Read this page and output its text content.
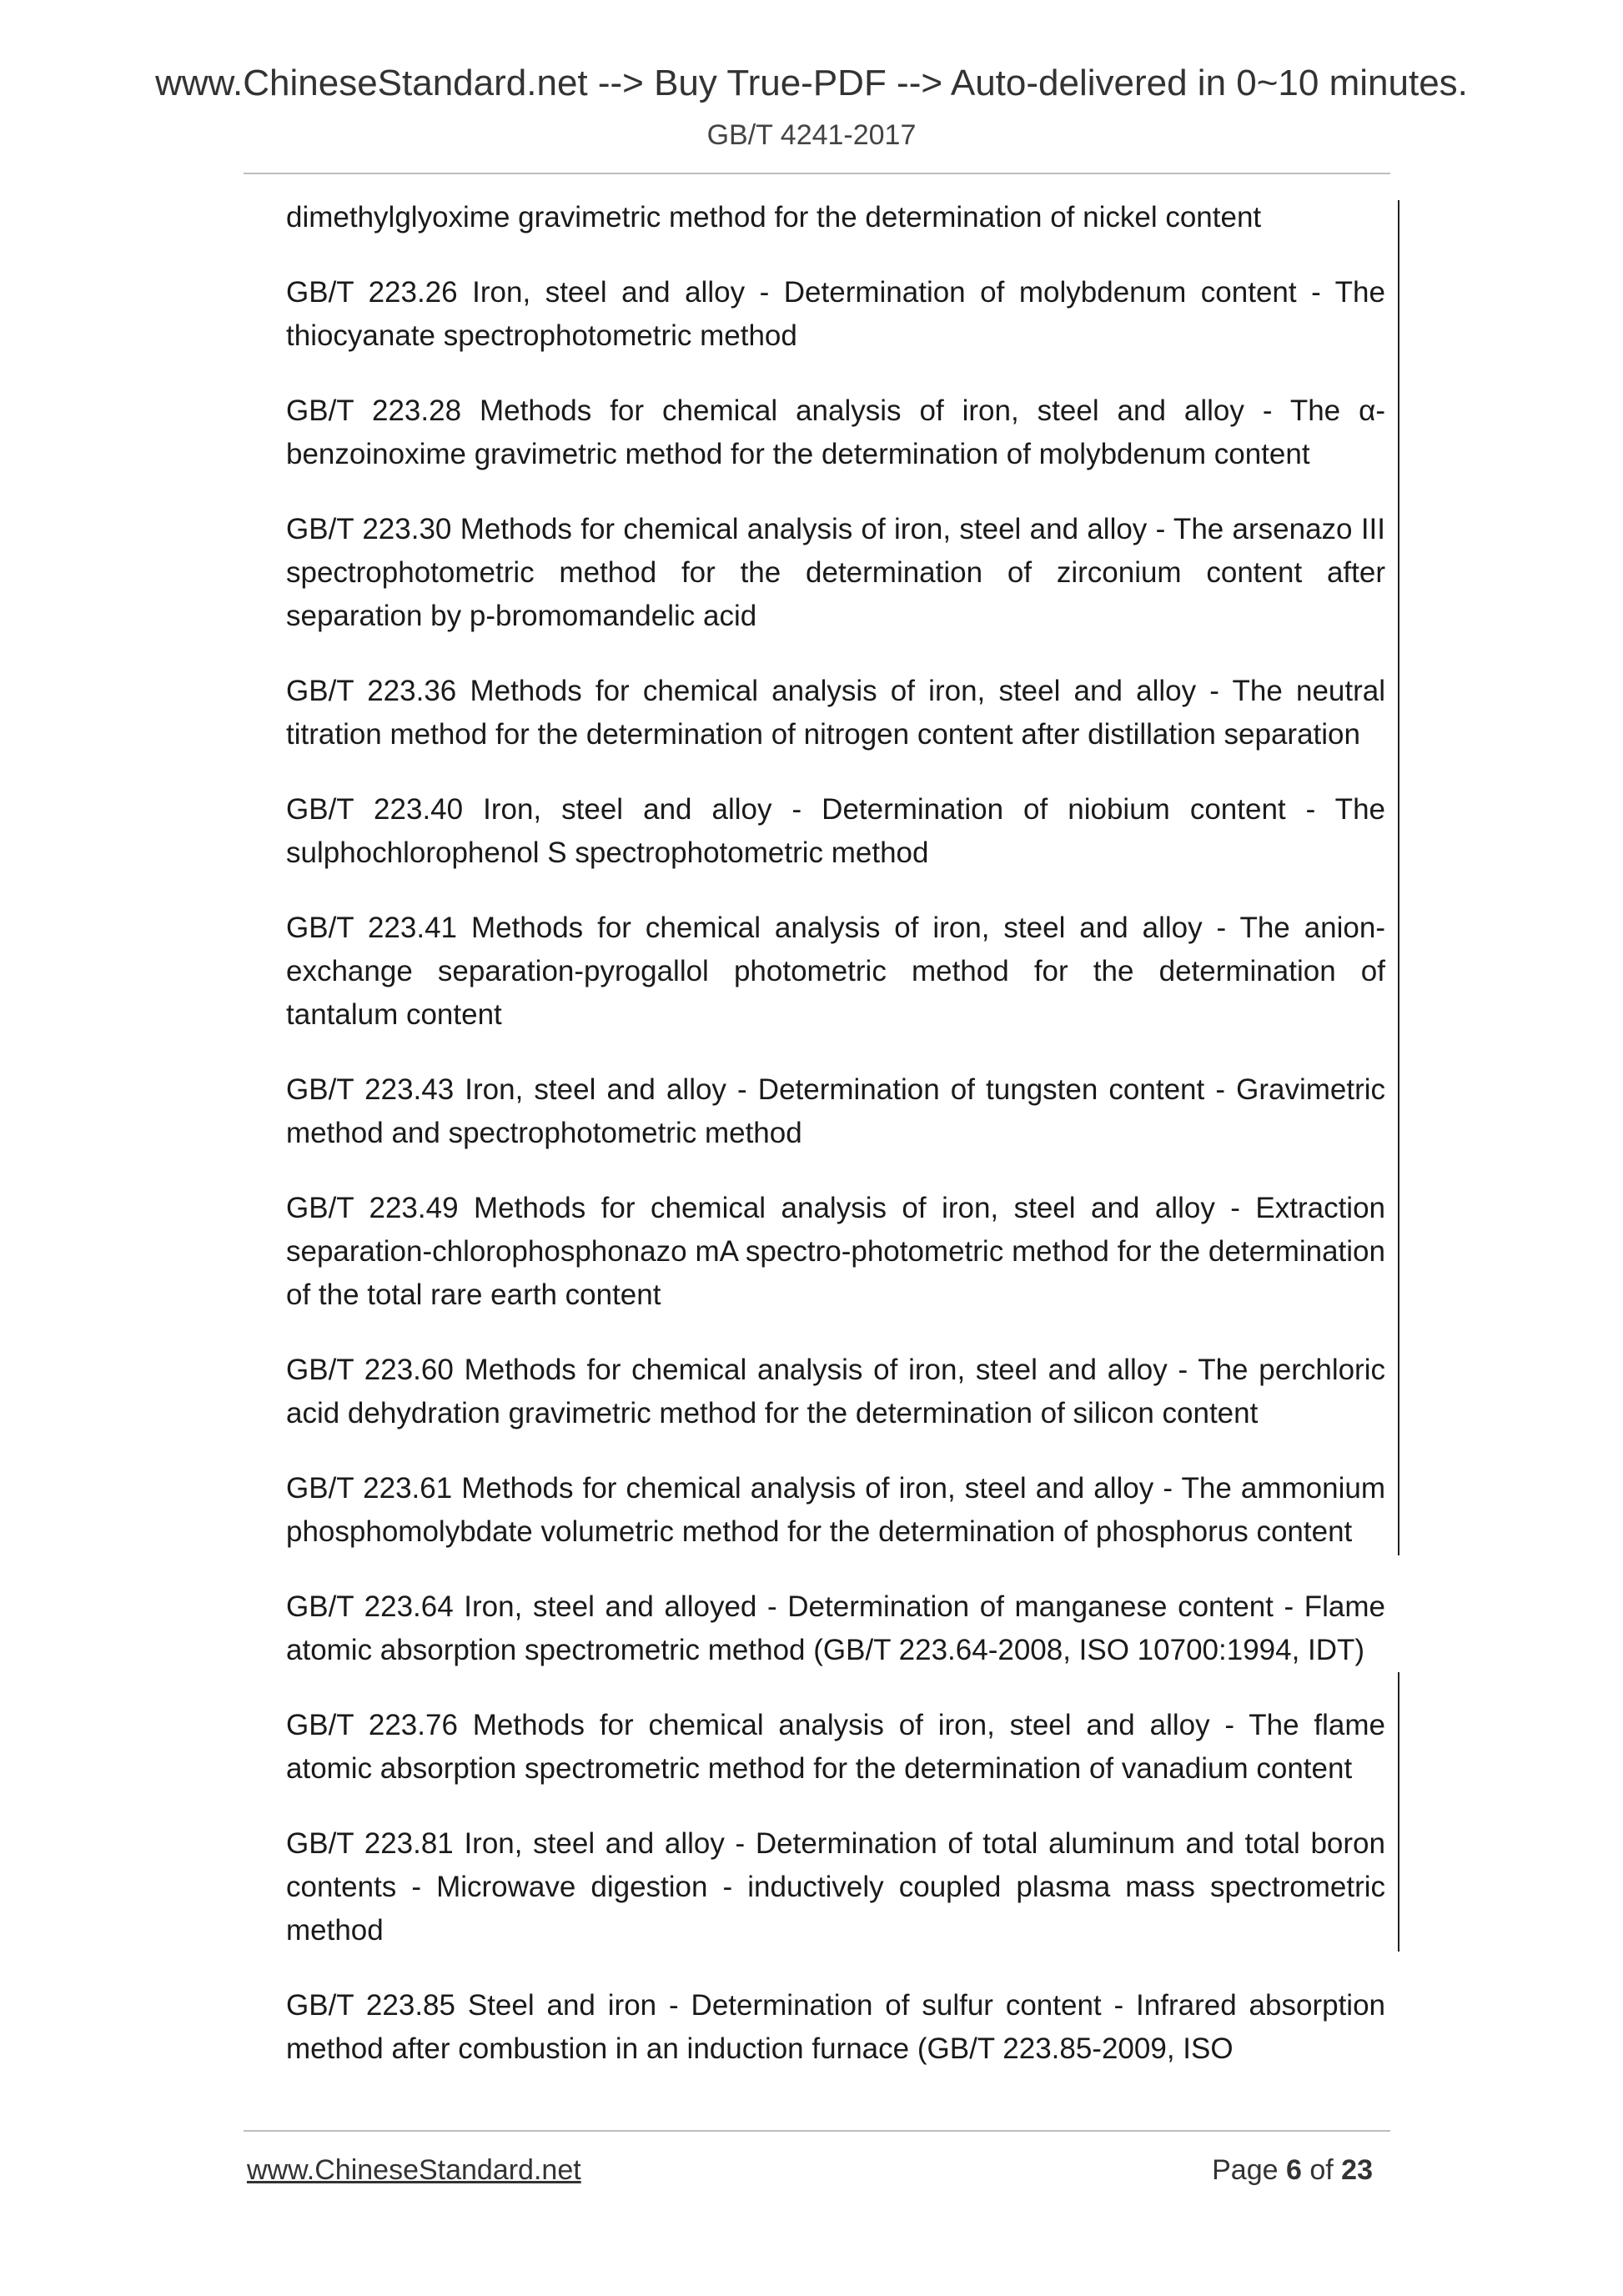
www.ChineseStandard.net --> Buy True-PDF --> Auto-delivered in 0~10 minutes.
GB/T 4241-2017

dimethylglyoxime gravimetric method for the determination of nickel content

GB/T 223.26 Iron, steel and alloy - Determination of molybdenum content - The thiocyanate spectrophotometric method

GB/T 223.28 Methods for chemical analysis of iron, steel and alloy - The α-benzoinoxime gravimetric method for the determination of molybdenum content

GB/T 223.30 Methods for chemical analysis of iron, steel and alloy - The arsenazo III spectrophotometric method for the determination of zirconium content after separation by p-bromomandelic acid

GB/T 223.36 Methods for chemical analysis of iron, steel and alloy - The neutral titration method for the determination of nitrogen content after distillation separation

GB/T 223.40 Iron, steel and alloy - Determination of niobium content - The sulphochlorophenol S spectrophotometric method

GB/T 223.41 Methods for chemical analysis of iron, steel and alloy - The anion-exchange separation-pyrogallol photometric method for the determination of tantalum content

GB/T 223.43 Iron, steel and alloy - Determination of tungsten content - Gravimetric method and spectrophotometric method

GB/T 223.49 Methods for chemical analysis of iron, steel and alloy - Extraction separation-chlorophosphonazo mA spectro-photometric method for the determination of the total rare earth content

GB/T 223.60 Methods for chemical analysis of iron, steel and alloy - The perchloric acid dehydration gravimetric method for the determination of silicon content

GB/T 223.61 Methods for chemical analysis of iron, steel and alloy - The ammonium phosphomolybdate volumetric method for the determination of phosphorus content

GB/T 223.64 Iron, steel and alloyed - Determination of manganese content - Flame atomic absorption spectrometric method (GB/T 223.64-2008, ISO 10700:1994, IDT)

GB/T 223.76 Methods for chemical analysis of iron, steel and alloy - The flame atomic absorption spectrometric method for the determination of vanadium content

GB/T 223.81 Iron, steel and alloy - Determination of total aluminum and total boron contents - Microwave digestion - inductively coupled plasma mass spectrometric method

GB/T 223.85 Steel and iron - Determination of sulfur content - Infrared absorption method after combustion in an induction furnace (GB/T 223.85-2009, ISO

www.ChineseStandard.net	Page 6 of 23
